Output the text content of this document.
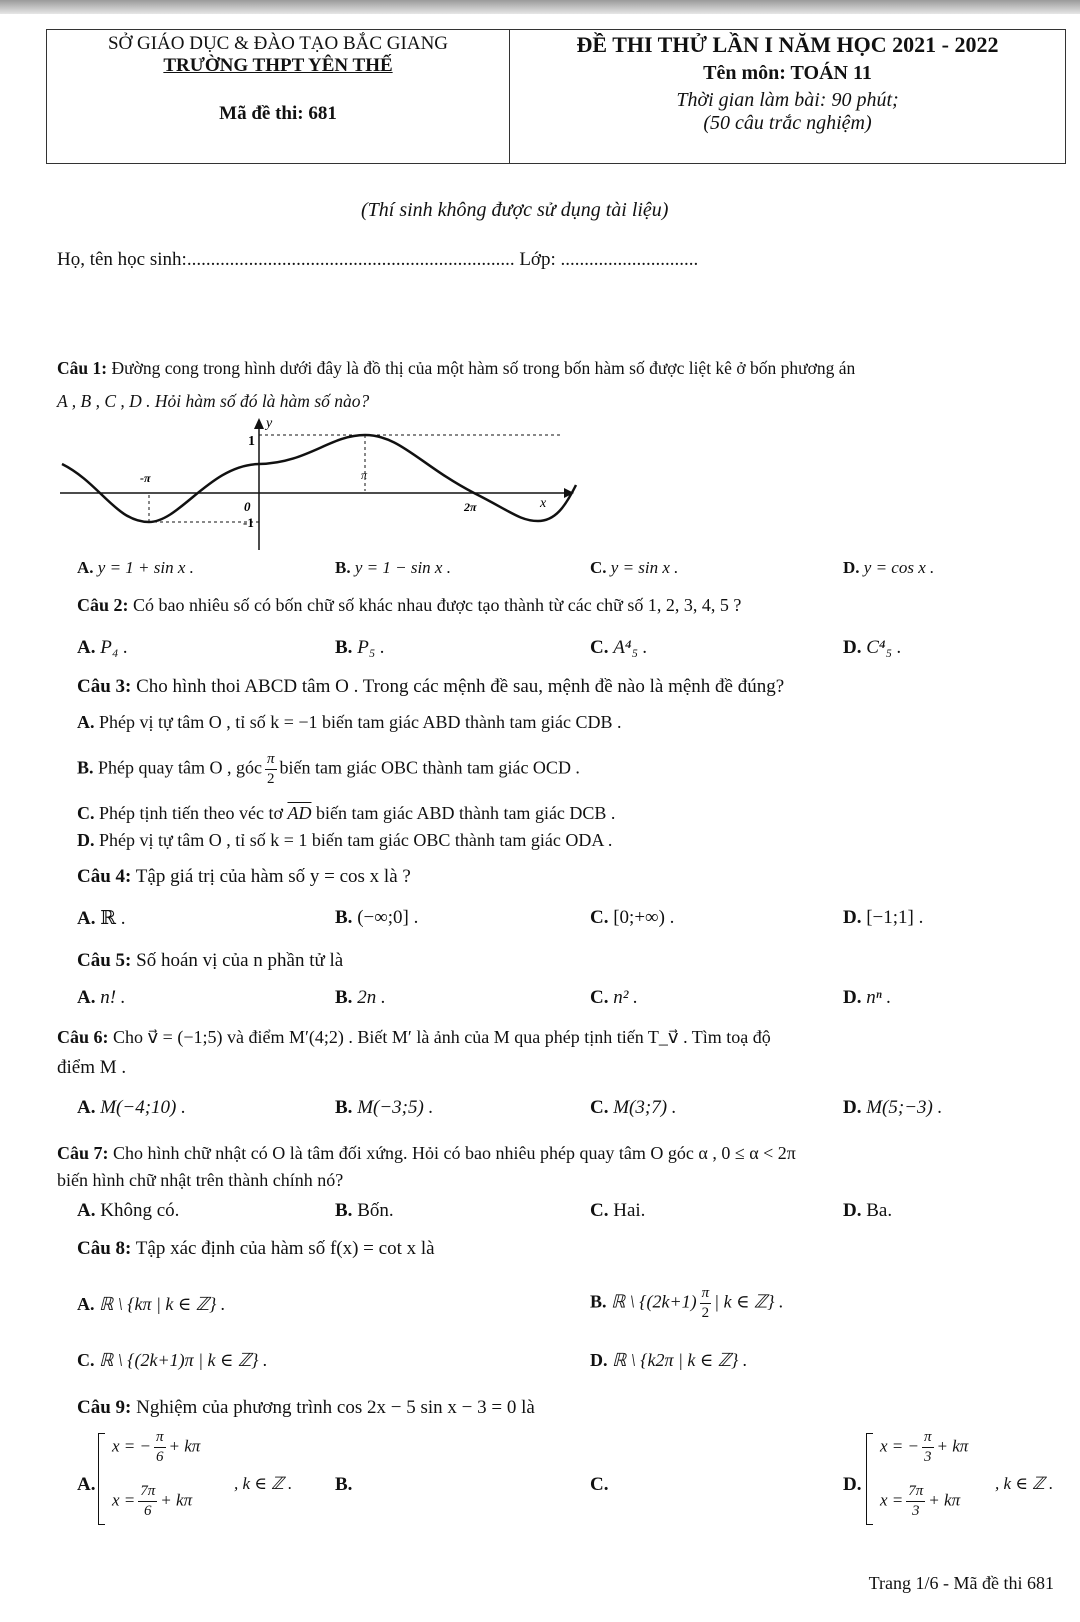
SỞ GIÁO DỤC & ĐÀO TẠO BẮC GIANG
TRƯỜNG THPT YÊN THẾ
Mã đề thi: 681
ĐỀ THI THỬ LẦN I NĂM HỌC 2021 - 2022
Tên môn: TOÁN 11
Thời gian làm bài: 90 phút;
(50 câu trắc nghiệm)
(Thí sinh không được sử dụng tài liệu)
Họ, tên học sinh:..................................................................... Lớp: .............................
Câu 1: Đường cong trong hình dưới đây là đồ thị của một hàm số trong bốn hàm số được liệt kê ở bốn phương án
A , B , C , D . Hỏi hàm số đó là hàm số nào?
y
x
1
-1
0
-π	π
2π
A. y = 1 + sin x .	B. y = 1 − sin x .	C. y = sin x .	D. y = cos x .
Câu 2: Có bao nhiêu số có bốn chữ số khác nhau được tạo thành từ các chữ số 1, 2, 3, 4, 5 ?
A. P₄ .	B. P₅ .	C. A⁴₅ .	D. C⁴₅ .
Câu 3: Cho hình thoi ABCD tâm O . Trong các mệnh đề sau, mệnh đề nào là mệnh đề đúng?
A. Phép vị tự tâm O , tỉ số k = −1 biến tam giác ABD thành tam giác CDB .
B. Phép quay tâm O , góc $\frac{\pi}{2}$ biến tam giác OBC thành tam giác OCD .
C. Phép tịnh tiến theo véc tơ $\overline{AD}$ biến tam giác ABD thành tam giác DCB .
D. Phép vị tự tâm O , tỉ số k = 1 biến tam giác OBC thành tam giác ODA .
Câu 4: Tập giá trị của hàm số y = cos x là ?
A. ℝ .	B. (−∞;0] .	C. [0;+∞) .	D. [−1;1] .
Câu 5: Số hoán vị của n phần tử là
A. n! .	B. 2n .	C. n² .	D. nⁿ .
Câu 6: Cho v⃗ = (−1;5) và điểm M′(4;2) . Biết M′ là ảnh của M qua phép tịnh tiến T_v⃗ . Tìm toạ độ
điểm M .
A. M(−4;10) .	B. M(−3;5) .	C. M(3;7) .	D. M(5;−3) .
Câu 7: Cho hình chữ nhật có O là tâm đối xứng. Hỏi có bao nhiêu phép quay tâm O góc α , 0 ≤ α < 2π
biến hình chữ nhật trên thành chính nó?
A. Không có.	B. Bốn.	C. Hai.	D. Ba.
Câu 8: Tập xác định của hàm số f(x) = cot x là
A. ℝ \ {kπ | k ∈ ℤ} .	B. ℝ \ {$(2k+1) \frac{\pi}{2}$ | k ∈ ℤ} .
C. ℝ \ {(2k+1)π | k ∈ ℤ} .	D. ℝ \ {k2π | k ∈ ℤ} .
Câu 9: Nghiệm của phương trình cos 2x − 5 sin x − 3 = 0 là
A.
x = − $\frac{\pi}{6} + k\pi$
$x = \frac{7\pi}{6} + k\pi$
, k ∈ ℤ . B.	C.	D.
x = − $\frac{\pi}{3} + k\pi$
$x = \frac{7\pi}{3} + k\pi$
, k ∈ ℤ .
Trang 1/6 - Mã đề thi 681
